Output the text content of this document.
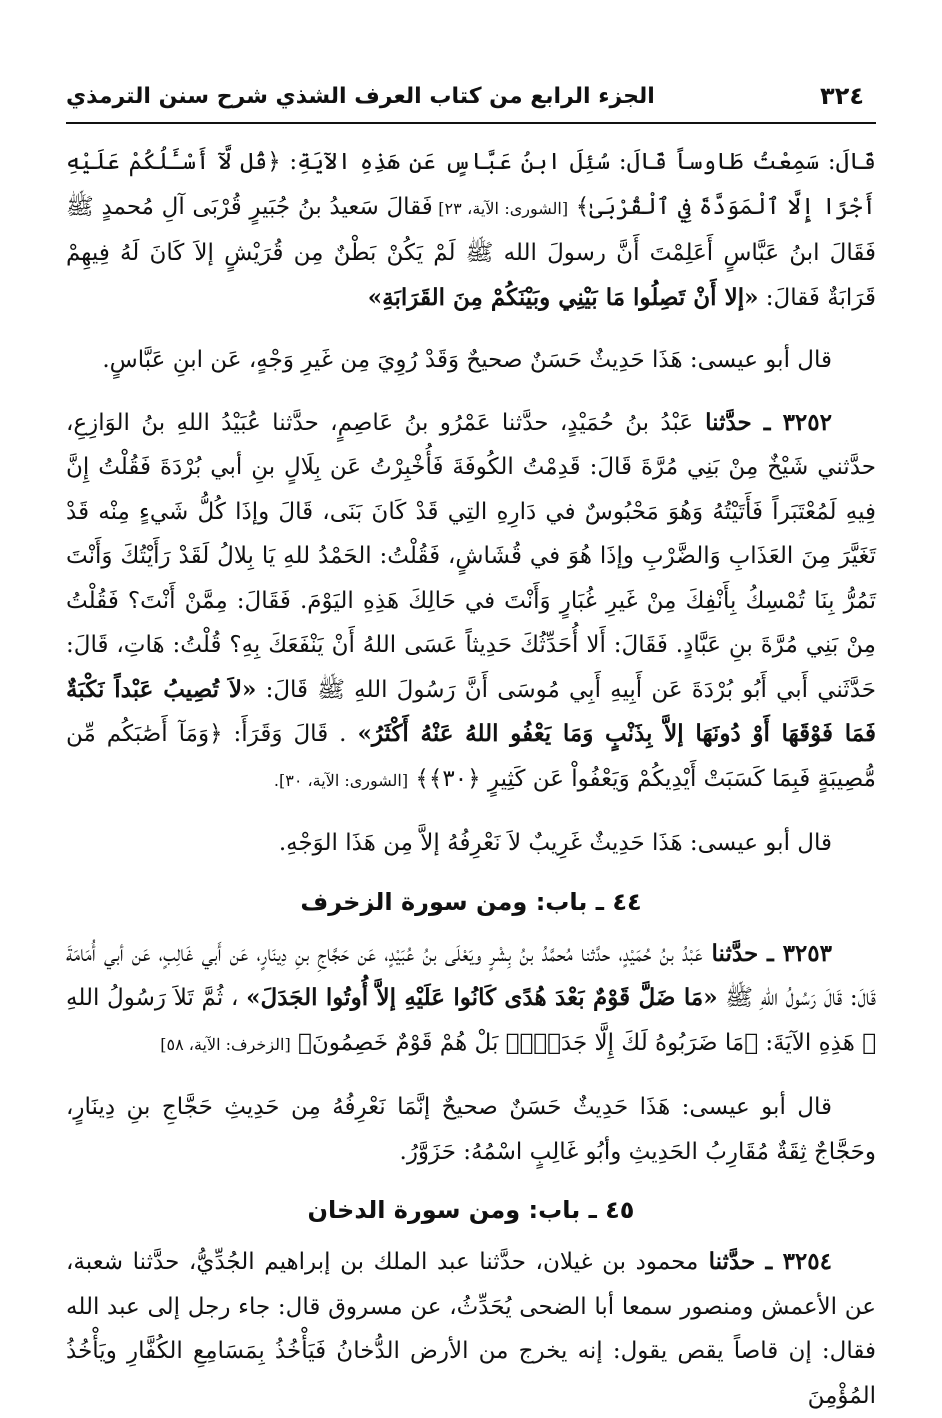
٣٢٤
الجزء الرابع من كتاب العرف الشذي شرح سنن الترمذي

قَالَ: سَمِعْتُ طَاوساً قَالَ: سُئِلَ ابنُ عَبَّاسٍ عَن هَذِهِ الآيَةِ: ﴿قُل لَّآ أَسْـَٔلُكُمْ عَلَيْهِ أَجْرًا إِلَّا ٱلْمَوَدَّةَ فِي ٱلْقُرْبَىٰ﴾ [الشورى: الآية، ٢٣] فَقالَ سَعيدُ بنُ جُبَيرٍ قُرْبَى آلِ مُحمدٍ ﷺ فَقَالَ ابنُ عَبَّاسٍ أَعَلِمْتَ أَنَّ رسولَ الله ﷺ لَمْ يَكُنْ بَطْنٌ مِن قُرَيْشٍ إلاَ كَانَ لَهُ فِيهِمْ قَرَابَةٌ فَقالَ: «إلا أَنْ تَصِلُوا مَا بَيْنِي وبَيْنَكُمْ مِنَ القَرَابَةِ»

قال أبو عيسى: هَذَا حَدِيثٌ حَسَنٌ صحيحٌ وَقَدْ رُوِيَ مِن غَيرِ وَجْهٍ، عَن ابنِ عَبَّاسٍ.

٣٢٥٢ ـ حدَّثنا عَبْدُ بنُ حُمَيْدٍ، حدَّثنا عَمْرُو بنُ عَاصِمٍ، حدَّثنا عُبَيْدُ اللهِ بنُ الوَازِعِ، حدَّثني شَيْخٌ مِنْ بَنِي مُرَّةَ قَالَ: قَدِمْتُ الكُوفَةَ فَأُخْبِرْتُ عَن بِلَالٍ بنِ أبي بُرْدَةَ فَقُلْتُ إِنَّ فِيهِ لَمُعْتَبَراً فَأَتَيْتُهُ وَهُوَ مَحْبُوسٌ في دَارِهِ التِي قَدْ كَانَ بَنَى، قَالَ وإذَا كُلُّ شَيءٍ مِنْه قَدْ تَغَيَّرَ مِنَ العَذَابِ وَالضَّرْبِ وإذَا هُوَ في قُشَاشٍ، فَقُلْتُ: الحَمْدُ للهِ يَا بِلالُ لَقَدْ رَأَيْتُكَ وَأَنْتَ تَمُرُّ بِنَا تُمْسِكُ بِأَنْفِكَ مِنْ غَيرِ غُبَارٍ وَأَنْتَ في حَالِكَ هَذِهِ اليَوْمَ. فَقَالَ: مِمَّنْ أَنْتَ؟ فَقُلْتُ مِنْ بَنِي مُرَّةَ بنِ عَبَّادٍ. فَقَالَ: أَلا أُحَدِّثُكَ حَدِيثاً عَسَى اللهُ أَنْ يَنْفَعَكَ بِهِ؟ قُلْتُ: هَاتِ، قَالَ: حَدَّثَني أَبي أَبُو بُرْدَةَ عَن أَبِيهِ أَبِي مُوسَى أَنَّ رَسُولَ اللهِ ﷺ قَالَ: «لاَ تُصِيبُ عَبْداً نَكْبَةٌ فَمَا فَوْقَهَا أَوْ دُونَهَا إلاَّ بِذَنْبٍ وَمَا يَعْفُو اللهُ عَنْهُ أَكْثَرُ» . قَالَ وَقَرَأَ: ﴿وَمَآ أَصَٰبَكُم مِّن مُّصِيبَةٍ فَبِمَا كَسَبَتْ أَيْدِيكُمْ وَيَعْفُواْ عَن كَثِيرٍ ﴿٣٠﴾﴾ [الشورى: الآية، ٣٠].

قال أبو عيسى: هَذَا حَدِيثٌ غَرِيبٌ لاَ نَعْرِفُهُ إلاَّ مِن هَذَا الوَجْهِ.

٤٤ ـ باب: ومن سورة الزخرف

٣٢٥٣ ـ حدَّثنا عَبْدُ بنُ حُمَيْدٍ، حدَّثنا مُحمَّدُ بنُ بِشْرٍ ويَعْلَى بنُ عُبَيْدٍ، عَن حَجَّاجِ بنِ دِينَارٍ، عَن أَبي غَالِبٍ، عَن أبي أُمَامَةَ قَالَ: قَالَ رَسُولُ اللهِ ﷺ «مَا ضَلَّ قَوْمٌ بَعْدَ هُدًى كَانُوا عَلَيْهِ إلاَّ أُوتُوا الجَدَلَ» ، ثُمَّ تَلاَ رَسُولُ اللهِ ﷺ هَذِهِ الآيَةَ: ﴿مَا ضَرَبُوهُ لَكَ إِلَّا جَدَلًاۢ بَلْ هُمْ قَوْمٌ خَصِمُونَ﴾ [الزخرف: الآية، ٥٨]

قال أبو عيسى: هَذَا حَدِيثٌ حَسَنٌ صحيحٌ إنَّمَا نَعْرِفُهُ مِن حَدِيثِ حَجَّاجِ بنِ دِينَارٍ، وحَجَّاجٌ ثِقَةٌ مُقَارِبُ الحَدِيثِ وأبُو غَالِبٍ اسْمُهُ: حَزَوَّرُ.

٤٥ ـ باب: ومن سورة الدخان

٣٢٥٤ ـ حدَّثنا محمود بن غيلان، حدَّثنا عبد الملك بن إبراهيم الجُدِّيُّ، حدَّثنا شعبة، عن الأعمش ومنصور سمعا أبا الضحى يُحَدِّثُ، عن مسروق قال: جاء رجل إلى عبد الله فقال: إن قاصاً يقص يقول: إنه يخرج من الأرض الدُّخانُ فَيَأْخُذُ بِمَسَامِعِ الكُفَّارِ ويَأْخُذُ المُؤْمِنَ
